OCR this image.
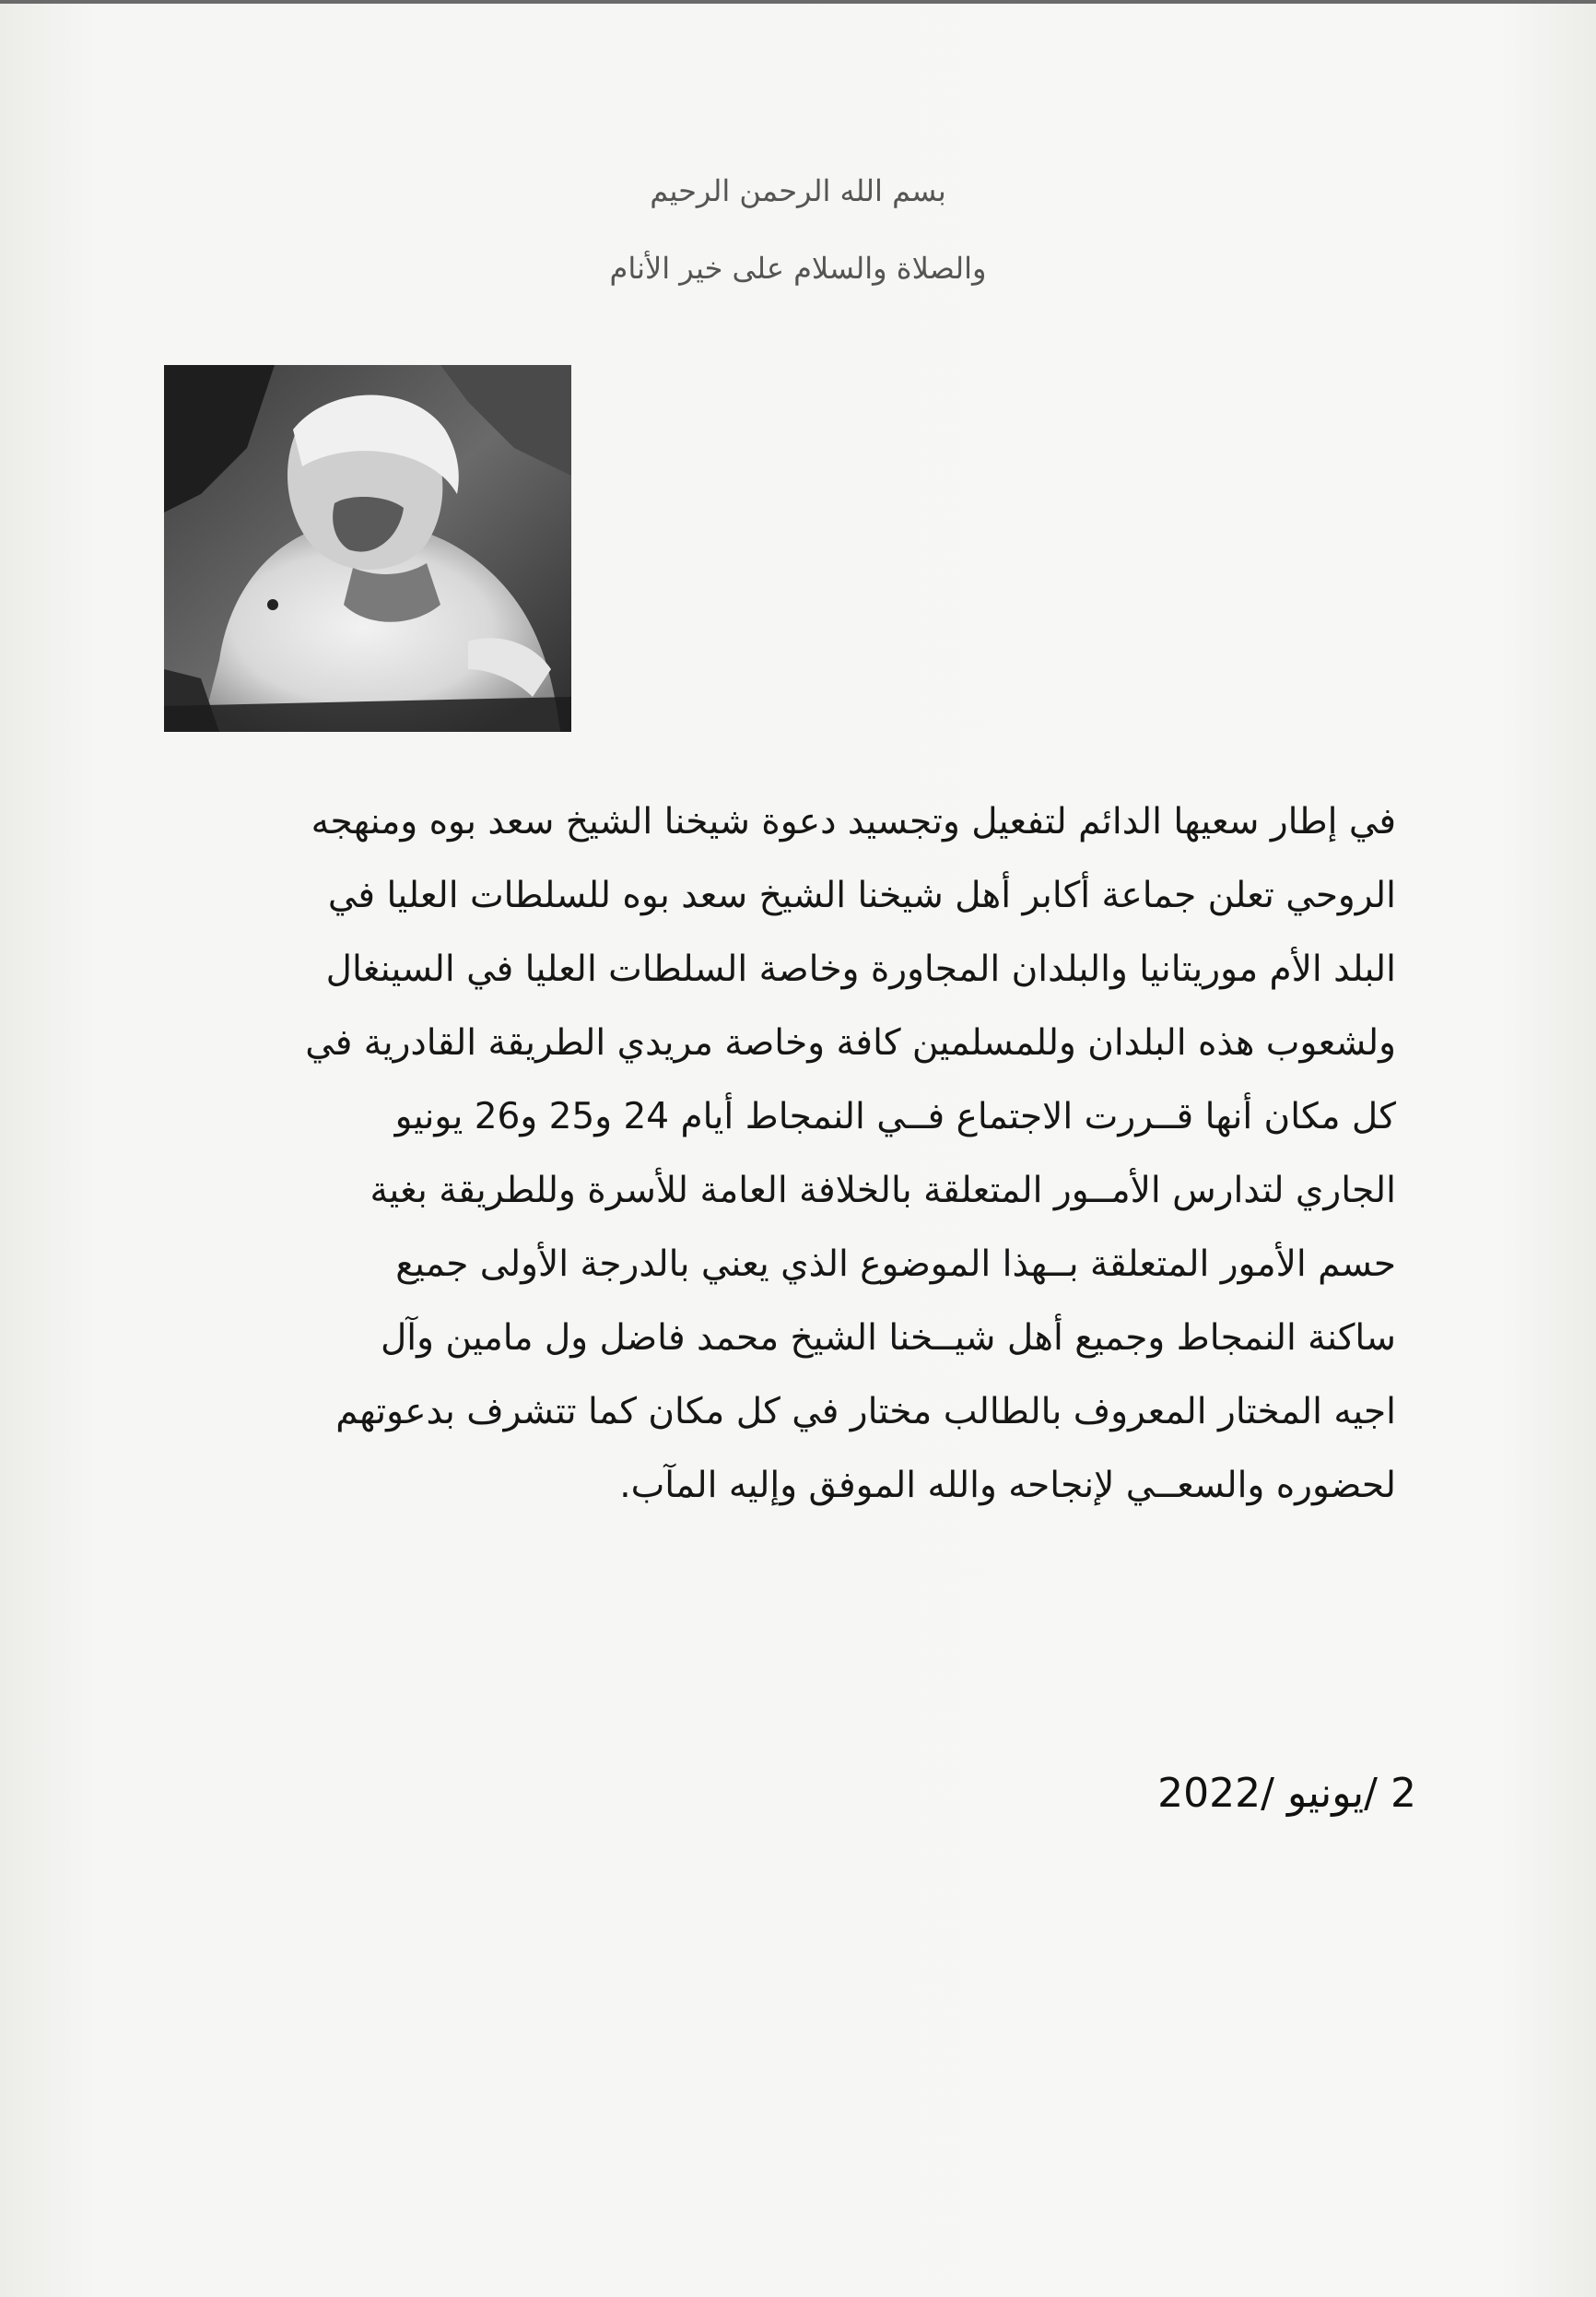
بسم الله الرحمن الرحيم
والصلاة والسلام على خير الأنام
في إطار سعيها الدائم لتفعيل وتجسيد دعوة شيخنا الشيخ سعد بوه ومنهجه
الروحي تعلن جماعة أكابر أهل شيخنا الشيخ سعد بوه للسلطات العليا في
البلد الأم موريتانيا والبلدان المجاورة وخاصة السلطات العليا في السينغال
ولشعوب هذه البلدان وللمسلمين كافة وخاصة مريدي الطريقة القادرية في
كل مكان أنها قــررت الاجتماع فــي النمجاط أيام 24 و25 و26 يونيو
الجاري لتدارس الأمــور المتعلقة بالخلافة العامة للأسرة وللطريقة بغية
حسم الأمور المتعلقة بــهذا الموضوع الذي يعني بالدرجة الأولى جميع
ساكنة النمجاط وجميع أهل شيــخنا الشيخ محمد فاضل ول مامين وآل
اجيه المختار المعروف بالطالب مختار في كل مكان كما تتشرف بدعوتهم
لحضوره والسعــي لإنجاحه والله الموفق وإليه المآب.
2 /يونيو /2022
